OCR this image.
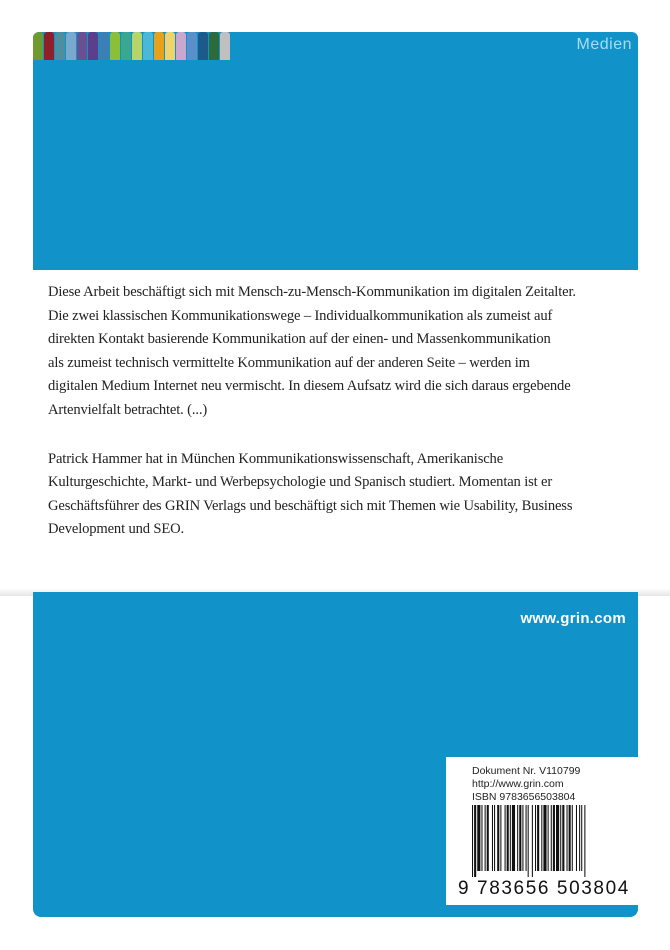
Medien

Diese Arbeit beschäftigt sich mit Mensch-zu-Mensch-Kommunikation im digitalen Zeitalter.
Die zwei klassischen Kommunikationswege – Individualkommunikation als zumeist auf
direkten Kontakt basierende Kommunikation auf der einen- und Massenkommunikation
als zumeist technisch vermittelte Kommunikation auf der anderen Seite – werden im
digitalen Medium Internet neu vermischt. In diesem Aufsatz wird die sich daraus ergebende
Artenvielfalt betrachtet. (...)

Patrick Hammer hat in München Kommunikationswissenschaft, Amerikanische
Kulturgeschichte, Markt- und Werbepsychologie und Spanisch studiert. Momentan ist er
Geschäftsführer des GRIN Verlags und beschäftigt sich mit Themen wie Usability, Business
Development und SEO.

www.grin.com
Dokument Nr. V110799
http://www.grin.com
ISBN 9783656503804
9 783656 503804
